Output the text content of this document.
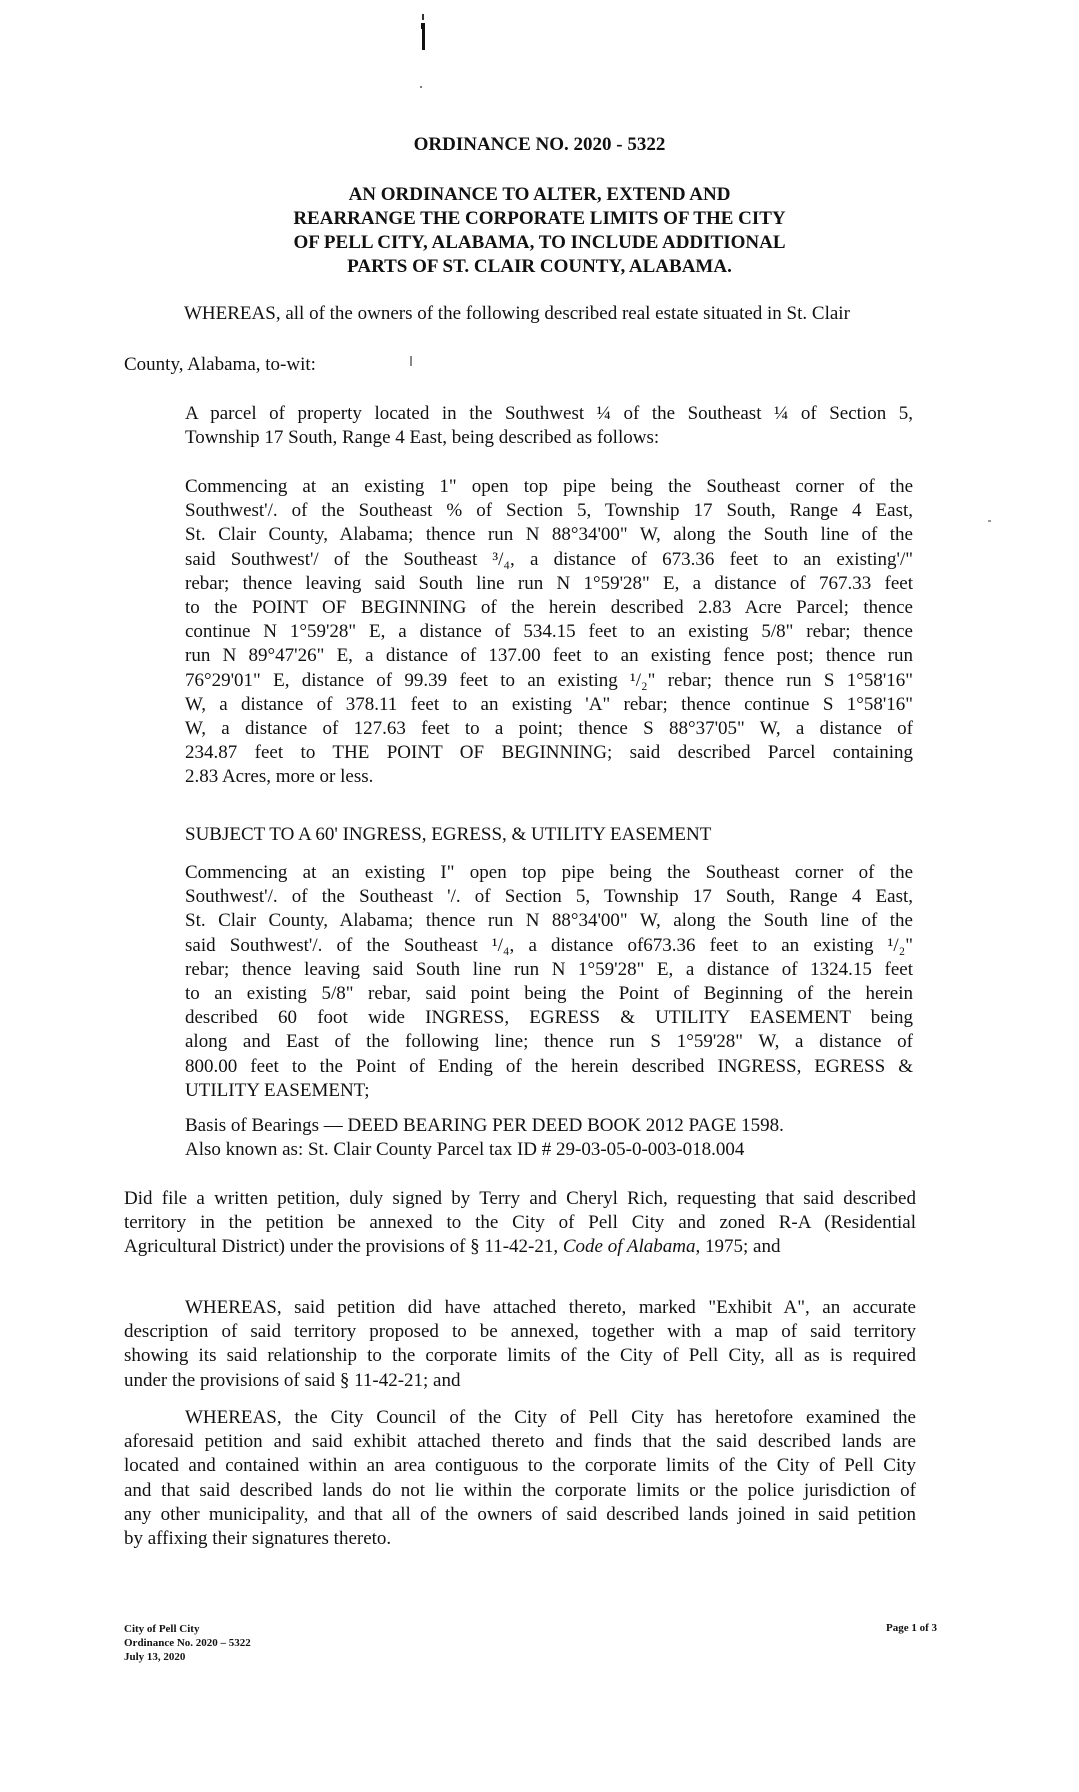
ORDINANCE NO. 2020 - 5322
AN ORDINANCE TO ALTER, EXTEND AND
REARRANGE THE CORPORATE LIMITS OF THE CITY
OF PELL CITY, ALABAMA, TO INCLUDE ADDITIONAL
PARTS OF ST. CLAIR COUNTY, ALABAMA.
WHEREAS, all of the owners of the following described real estate situated in St. Clair
County, Alabama, to-wit:
A parcel of property located in the Southwest ¼ of the Southeast ¼ of Section 5,
Township 17 South, Range 4 East, being described as follows:
Commencing at an existing 1" open top pipe being the Southeast corner of the
Southwest'/. of the Southeast % of Section 5, Township 17 South, Range 4 East,
St. Clair County, Alabama; thence run N 88°34'00" W, along the South line of the
said Southwest'/ of the Southeast ³/₄, a distance of 673.36 feet to an existing'/"
rebar; thence leaving said South line run N 1°59'28" E, a distance of 767.33 feet
to the POINT OF BEGINNING of the herein described 2.83 Acre Parcel; thence
continue N 1°59'28" E, a distance of 534.15 feet to an existing 5/8" rebar; thence
run N 89°47'26" E, a distance of 137.00 feet to an existing fence post; thence run
76°29'01" E, distance of 99.39 feet to an existing ¹/₂" rebar; thence run S 1°58'16"
W, a distance of 378.11 feet to an existing 'A" rebar; thence continue S 1°58'16"
W, a distance of 127.63 feet to a point; thence S 88°37'05" W, a distance of
234.87 feet to THE POINT OF BEGINNING; said described Parcel containing
2.83 Acres, more or less.
SUBJECT TO A 60' INGRESS, EGRESS, & UTILITY EASEMENT
Commencing at an existing I" open top pipe being the Southeast corner of the
Southwest'/. of the Southeast '/. of Section 5, Township 17 South, Range 4 East,
St. Clair County, Alabama; thence run N 88°34'00" W, along the South line of the
said Southwest'/. of the Southeast ¹/₄, a distance of673.36 feet to an existing ¹/₂"
rebar; thence leaving said South line run N 1°59'28" E, a distance of 1324.15 feet
to an existing 5/8" rebar, said point being the Point of Beginning of the herein
described 60 foot wide INGRESS, EGRESS & UTILITY EASEMENT being
along and East of the following line; thence run S 1°59'28" W, a distance of
800.00 feet to the Point of Ending of the herein described INGRESS, EGRESS &
UTILITY EASEMENT;
Basis of Bearings — DEED BEARING PER DEED BOOK 2012 PAGE 1598.
Also known as: St. Clair County Parcel tax ID # 29-03-05-0-003-018.004
Did file a written petition, duly signed by Terry and Cheryl Rich, requesting that said described
territory in the petition be annexed to the City of Pell City and zoned R-A (Residential
Agricultural District) under the provisions of § 11-42-21, Code of Alabama, 1975; and
WHEREAS, said petition did have attached thereto, marked "Exhibit A", an accurate
description of said territory proposed to be annexed, together with a map of said territory
showing its said relationship to the corporate limits of the City of Pell City, all as is required
under the provisions of said § 11-42-21; and
WHEREAS, the City Council of the City of Pell City has heretofore examined the
aforesaid petition and said exhibit attached thereto and finds that the said described lands are
located and contained within an area contiguous to the corporate limits of the City of Pell City
and that said described lands do not lie within the corporate limits or the police jurisdiction of
any other municipality, and that all of the owners of said described lands joined in said petition
by affixing their signatures thereto.
City of Pell City
Ordinance No. 2020 – 5322
July 13, 2020
Page 1 of 3
